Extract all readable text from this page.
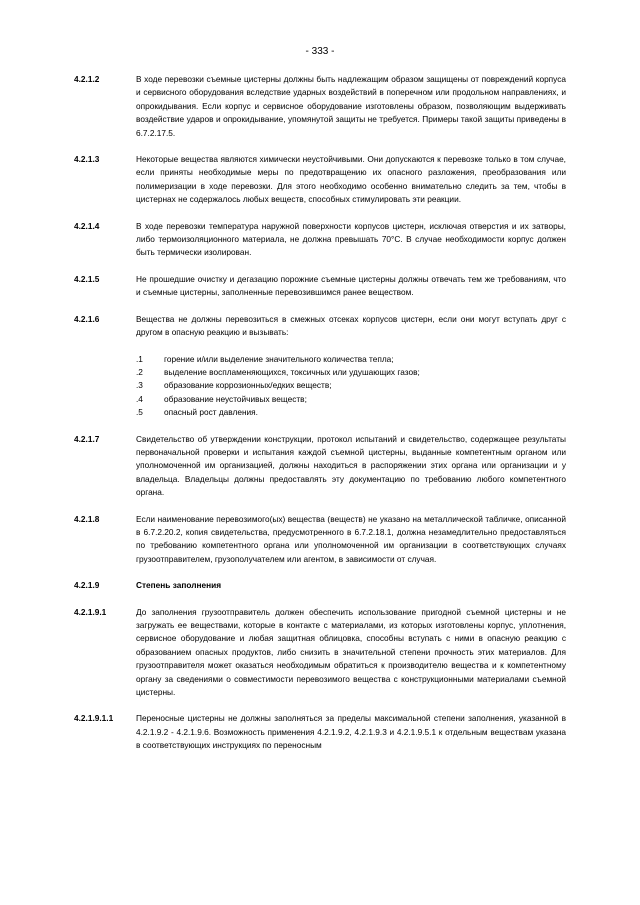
- 333 -
4.2.1.2	В ходе перевозки съемные цистерны должны быть надлежащим образом защищены от повреждений корпуса и сервисного оборудования вследствие ударных воздействий в поперечном или продольном направлениях, и опрокидывания. Если корпус и сервисное оборудование изготовлены образом, позволяющим выдерживать воздействие ударов и опрокидывание, упомянутой защиты не требуется. Примеры такой защиты приведены в 6.7.2.17.5.
4.2.1.3	Некоторые вещества являются химически неустойчивыми. Они допускаются к перевозке только в том случае, если приняты необходимые меры по предотвращению их опасного разложения, преобразования или полимеризации в ходе перевозки. Для этого необходимо особенно внимательно следить за тем, чтобы в цистернах не содержалось любых веществ, способных стимулировать эти реакции.
4.2.1.4	В ходе перевозки температура наружной поверхности корпусов цистерн, исключая отверстия и их затворы, либо термоизоляционного материала, не должна превышать 70°С. В случае необходимости корпус должен быть термически изолирован.
4.2.1.5	Не прошедшие очистку и дегазацию порожние съемные цистерны должны отвечать тем же требованиям, что и съемные цистерны, заполненные перевозившимся ранее веществом.
4.2.1.6	Вещества не должны перевозиться в смежных отсеках корпусов цистерн, если они могут вступать друг с другом в опасную реакцию и вызывать:
.1	горение и/или выделение значительного количества тепла;
.2	выделение воспламеняющихся, токсичных или удушающих газов;
.3	образование коррозионных/едких веществ;
.4	образование неустойчивых веществ;
.5	опасный рост давления.
4.2.1.7	Свидетельство об утверждении конструкции, протокол испытаний и свидетельство, содержащее результаты первоначальной проверки и испытания каждой съемной цистерны, выданные компетентным органом или уполномоченной им организацией, должны находиться в распоряжении этих органа или организации и у владельца. Владельцы должны предоставлять эту документацию по требованию любого компетентного органа.
4.2.1.8	Если наименование перевозимого(ых) вещества (веществ) не указано на металлической табличке, описанной в 6.7.2.20.2, копия свидетельства, предусмотренного в 6.7.2.18.1, должна незамедлительно предоставляться по требованию компетентного органа или уполномоченной им организации в соответствующих случаях грузоотправителем, грузополучателем или агентом, в зависимости от случая.
4.2.1.9	Степень заполнения
4.2.1.9.1	До заполнения грузоотправитель должен обеспечить использование пригодной съемной цистерны и не загружать ее веществами, которые в контакте с материалами, из которых изготовлены корпус, уплотнения, сервисное оборудование и любая защитная облицовка, способны вступать с ними в опасную реакцию с образованием опасных продуктов, либо снизить в значительной степени прочность этих материалов. Для грузоотправителя может оказаться необходимым обратиться к производителю вещества и к компетентному органу за сведениями о совместимости перевозимого вещества с конструкционными материалами съемной цистерны.
4.2.1.9.1.1	Переносные цистерны не должны заполняться за пределы максимальной степени заполнения, указанной в 4.2.1.9.2 - 4.2.1.9.6. Возможность применения 4.2.1.9.2, 4.2.1.9.3 и 4.2.1.9.5.1 к отдельным веществам указана в соответствующих инструкциях по переносным
